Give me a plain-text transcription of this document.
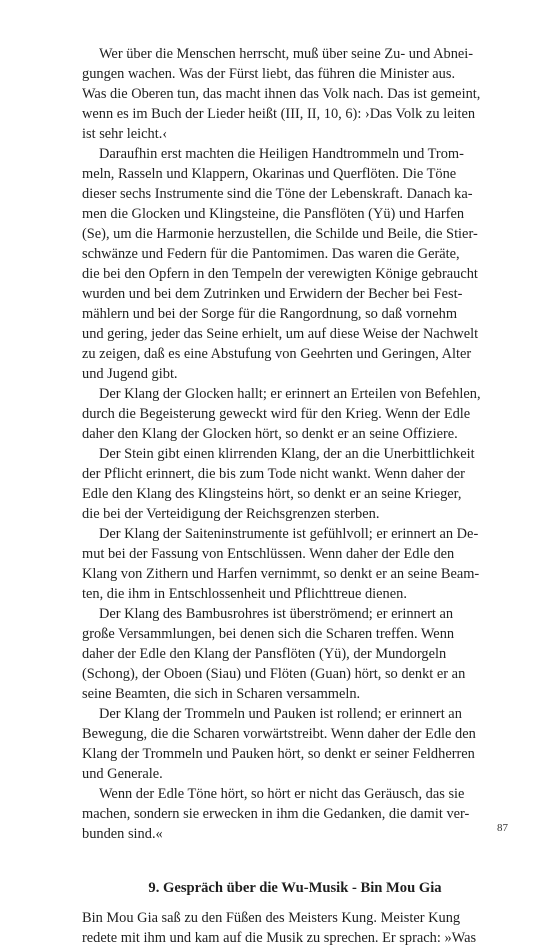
Wer über die Menschen herrscht, muß über seine Zu- und Abnei-
gungen wachen. Was der Fürst liebt, das führen die Minister aus.
Was die Oberen tun, das macht ihnen das Volk nach. Das ist gemeint,
wenn es im Buch der Lieder heißt (III, II, 10, 6): ›Das Volk zu leiten
ist sehr leicht.‹

Daraufhin erst machten die Heiligen Handtrommeln und Trom-
meln, Rasseln und Klappern, Okarinas und Querflöten. Die Töne
dieser sechs Instrumente sind die Töne der Lebenskraft. Danach ka-
men die Glocken und Klingsteine, die Pansflöten (Yü) und Harfen
(Se), um die Harmonie herzustellen, die Schilde und Beile, die Stier-
schwänze und Federn für die Pantomimen. Das waren die Geräte,
die bei den Opfern in den Tempeln der verewigten Könige gebraucht
wurden und bei dem Zutrinken und Erwidern der Becher bei Fest-
mählern und bei der Sorge für die Rangordnung, so daß vornehm
und gering, jeder das Seine erhielt, um auf diese Weise der Nachwelt
zu zeigen, daß es eine Abstufung von Geehrten und Geringen, Alter
und Jugend gibt.

Der Klang der Glocken hallt; er erinnert an Erteilen von Befehlen,
durch die Begeisterung geweckt wird für den Krieg. Wenn der Edle
daher den Klang der Glocken hört, so denkt er an seine Offiziere.

Der Stein gibt einen klirrenden Klang, der an die Unerbittlichkeit
der Pflicht erinnert, die bis zum Tode nicht wankt. Wenn daher der
Edle den Klang des Klingsteins hört, so denkt er an seine Krieger,
die bei der Verteidigung der Reichsgrenzen sterben.

Der Klang der Saiteninstrumente ist gefühlvoll; er erinnert an De-
mut bei der Fassung von Entschlüssen. Wenn daher der Edle den
Klang von Zithern und Harfen vernimmt, so denkt er an seine Beam-
ten, die ihm in Entschlossenheit und Pflichttreue dienen.

Der Klang des Bambusrohres ist überströmend; er erinnert an
große Versammlungen, bei denen sich die Scharen treffen. Wenn
daher der Edle den Klang der Pansflöten (Yü), der Mundorgeln
(Schong), der Oboen (Siau) und Flöten (Guan) hört, so denkt er an
seine Beamten, die sich in Scharen versammeln.

Der Klang der Trommeln und Pauken ist rollend; er erinnert an
Bewegung, die die Scharen vorwärtstreibt. Wenn daher der Edle den
Klang der Trommeln und Pauken hört, so denkt er seiner Feldherren
und Generale.

Wenn der Edle Töne hört, so hört er nicht das Geräusch, das sie
machen, sondern sie erwecken in ihm die Gedanken, die damit ver-
bunden sind.«

9. Gespräch über die Wu-Musik - Bin Mou Gia

Bin Mou Gia saß zu den Füßen des Meisters Kung. Meister Kung
redete mit ihm und kam auf die Musik zu sprechen. Er sprach: »Was

87
